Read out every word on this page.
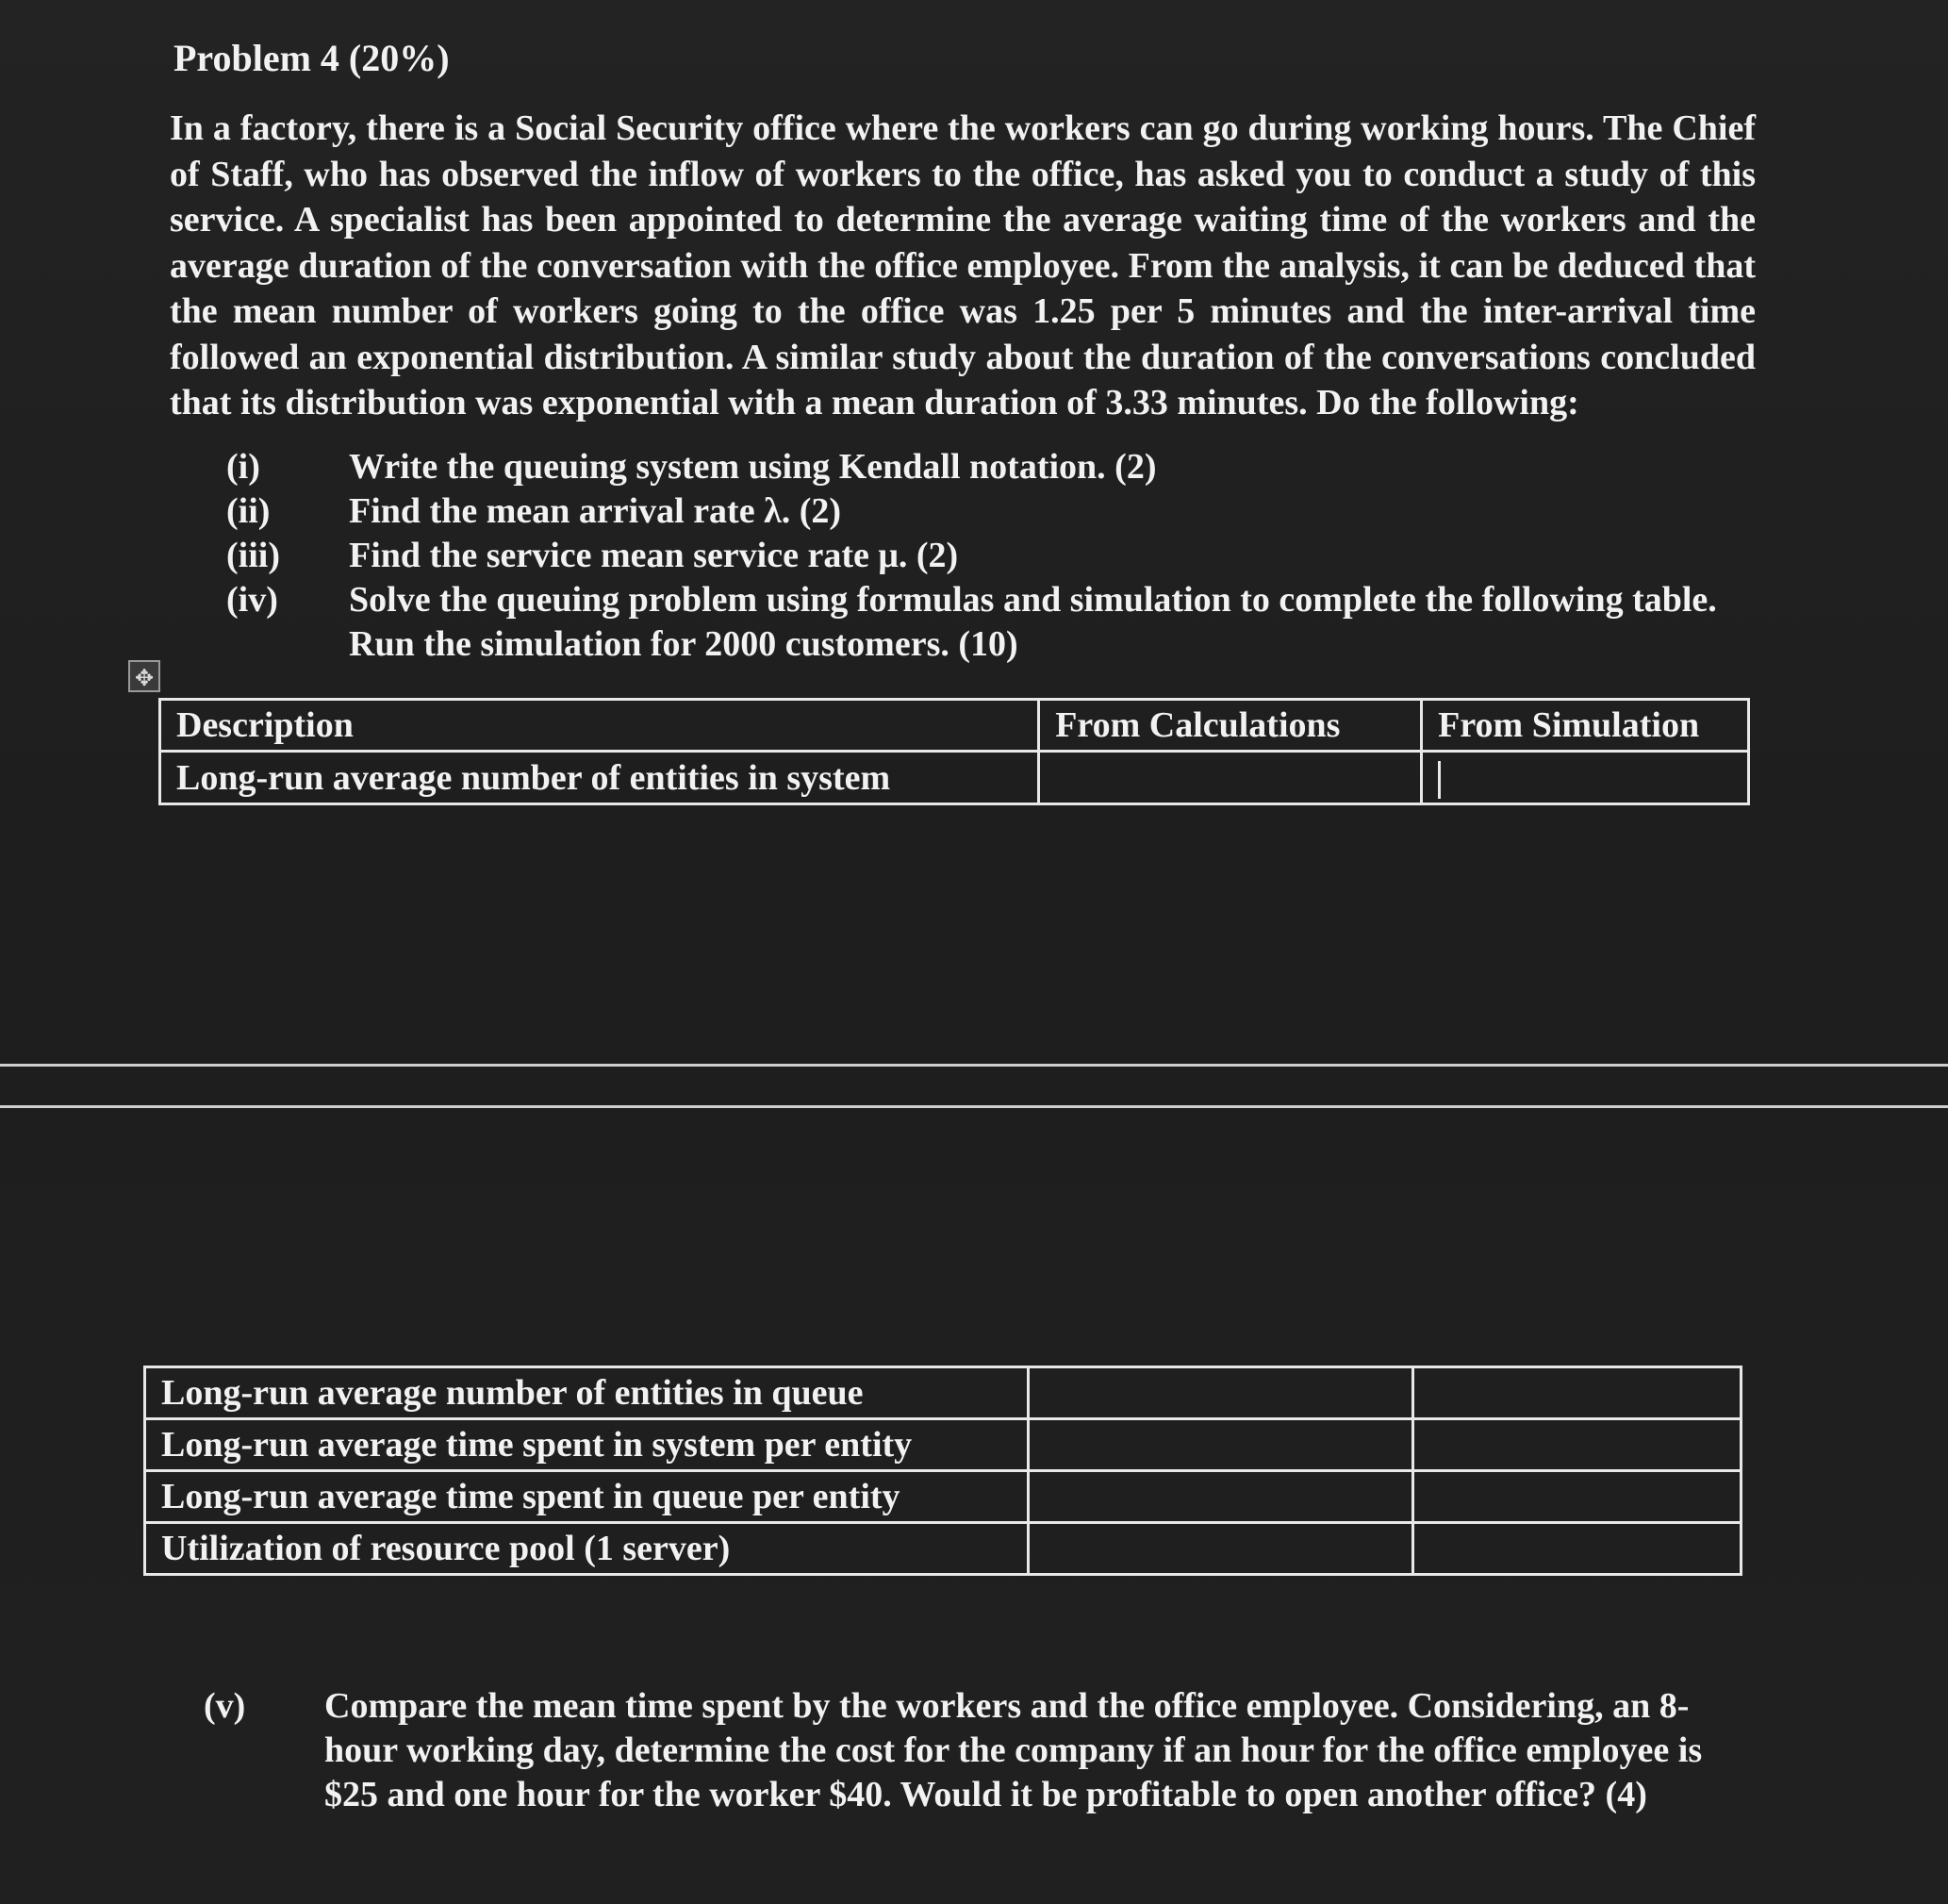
Problem 4 (20%)
In a factory, there is a Social Security office where the workers can go during working hours. The Chief of Staff, who has observed the inflow of workers to the office, has asked you to conduct a study of this service. A specialist has been appointed to determine the average waiting time of the workers and the average duration of the conversation with the office employee. From the analysis, it can be deduced that the mean number of workers going to the office was 1.25 per 5 minutes and the inter-arrival time followed an exponential distribution. A similar study about the duration of the conversations concluded that its distribution was exponential with a mean duration of 3.33 minutes. Do the following:
(i)	Write the queuing system using Kendall notation. (2)
(ii)	Find the mean arrival rate λ. (2)
(iii)	Find the service mean service rate μ. (2)
(iv)	Solve the queuing problem using formulas and simulation to complete the following table. Run the simulation for 2000 customers. (10)
✥
Description	From Calculations	From Simulation
Long-run average number of entities in system		
Long-run average number of entities in queue		
Long-run average time spent in system per entity		
Long-run average time spent in queue per entity		
Utilization of resource pool (1 server)		
(v)	Compare the mean time spent by the workers and the office employee. Considering, an 8-hour working day, determine the cost for the company if an hour for the office employee is $25 and one hour for the worker $40. Would it be profitable to open another office? (4)
